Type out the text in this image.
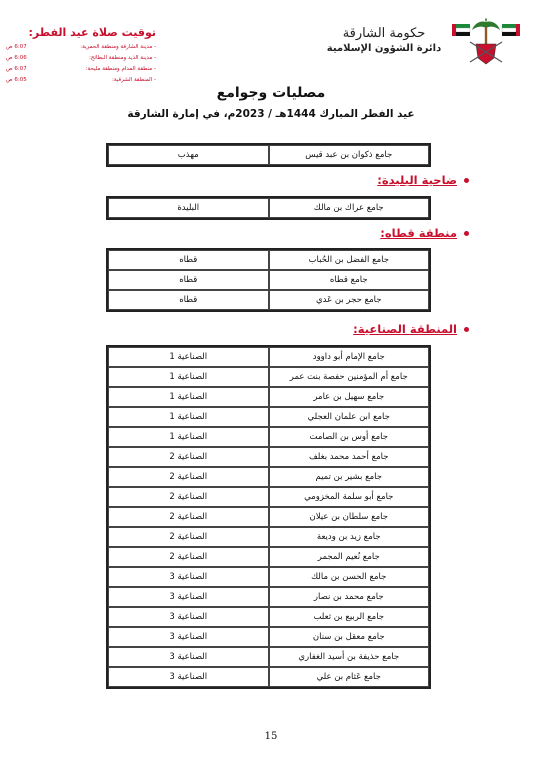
توقيت صلاة عيد الفطر:
- مدينة الشارقة ومنطقة الحمرية:
6:07 ص
- مدينة الذيد ومنطقة البطائح:
6:06 ص
- منطقة المدام ومنطقة مليحة:
6:07 ص
- المنطقة الشرقية:
6:05 ص
حكومة الشارقة
دائرة الشؤون الإسلامية
مصليات وجوامع
عيد الفطر المبارك 1444هـ / 2023م، في إمارة الشارقة
جامع ذكوان بن عبد قيس	مهذب
ضاحية البليدة:
جامع عراك بن مالك	البليدة
منطقة قطاه:
جامع الفضل بن الحُباب	قطاه
جامع قطاه	قطاه
جامع حجر بن عَدي	قطاه
المنطقة الصناعية:
جامع الإمام أبو داوود	الصناعية 1
جامع أم المؤمنين حفصة بنت عمر	الصناعية 1
جامع سهيل بن عامر	الصناعية 1
جامع ابن علمان العجلي	الصناعية 1
جامع أوس بن الصامت	الصناعية 1
جامع أحمد محمد بغلف	الصناعية 2
جامع بشير بن تميم	الصناعية 2
جامع أبو سلمة المخزومي	الصناعية 2
جامع سلطان بن عيلان	الصناعية 2
جامع زيد بن وديعة	الصناعية 2
جامع نُعيم المجمر	الصناعية 2
جامع الحسن بن مالك	الصناعية 3
جامع محمد بن نصار	الصناعية 3
جامع الربيع بن ثعلب	الصناعية 3
جامع معقل بن سنان	الصناعية 3
جامع حذيفة بن أسيد الغفاري	الصناعية 3
جامع عَثام بن علي	الصناعية 3
15
